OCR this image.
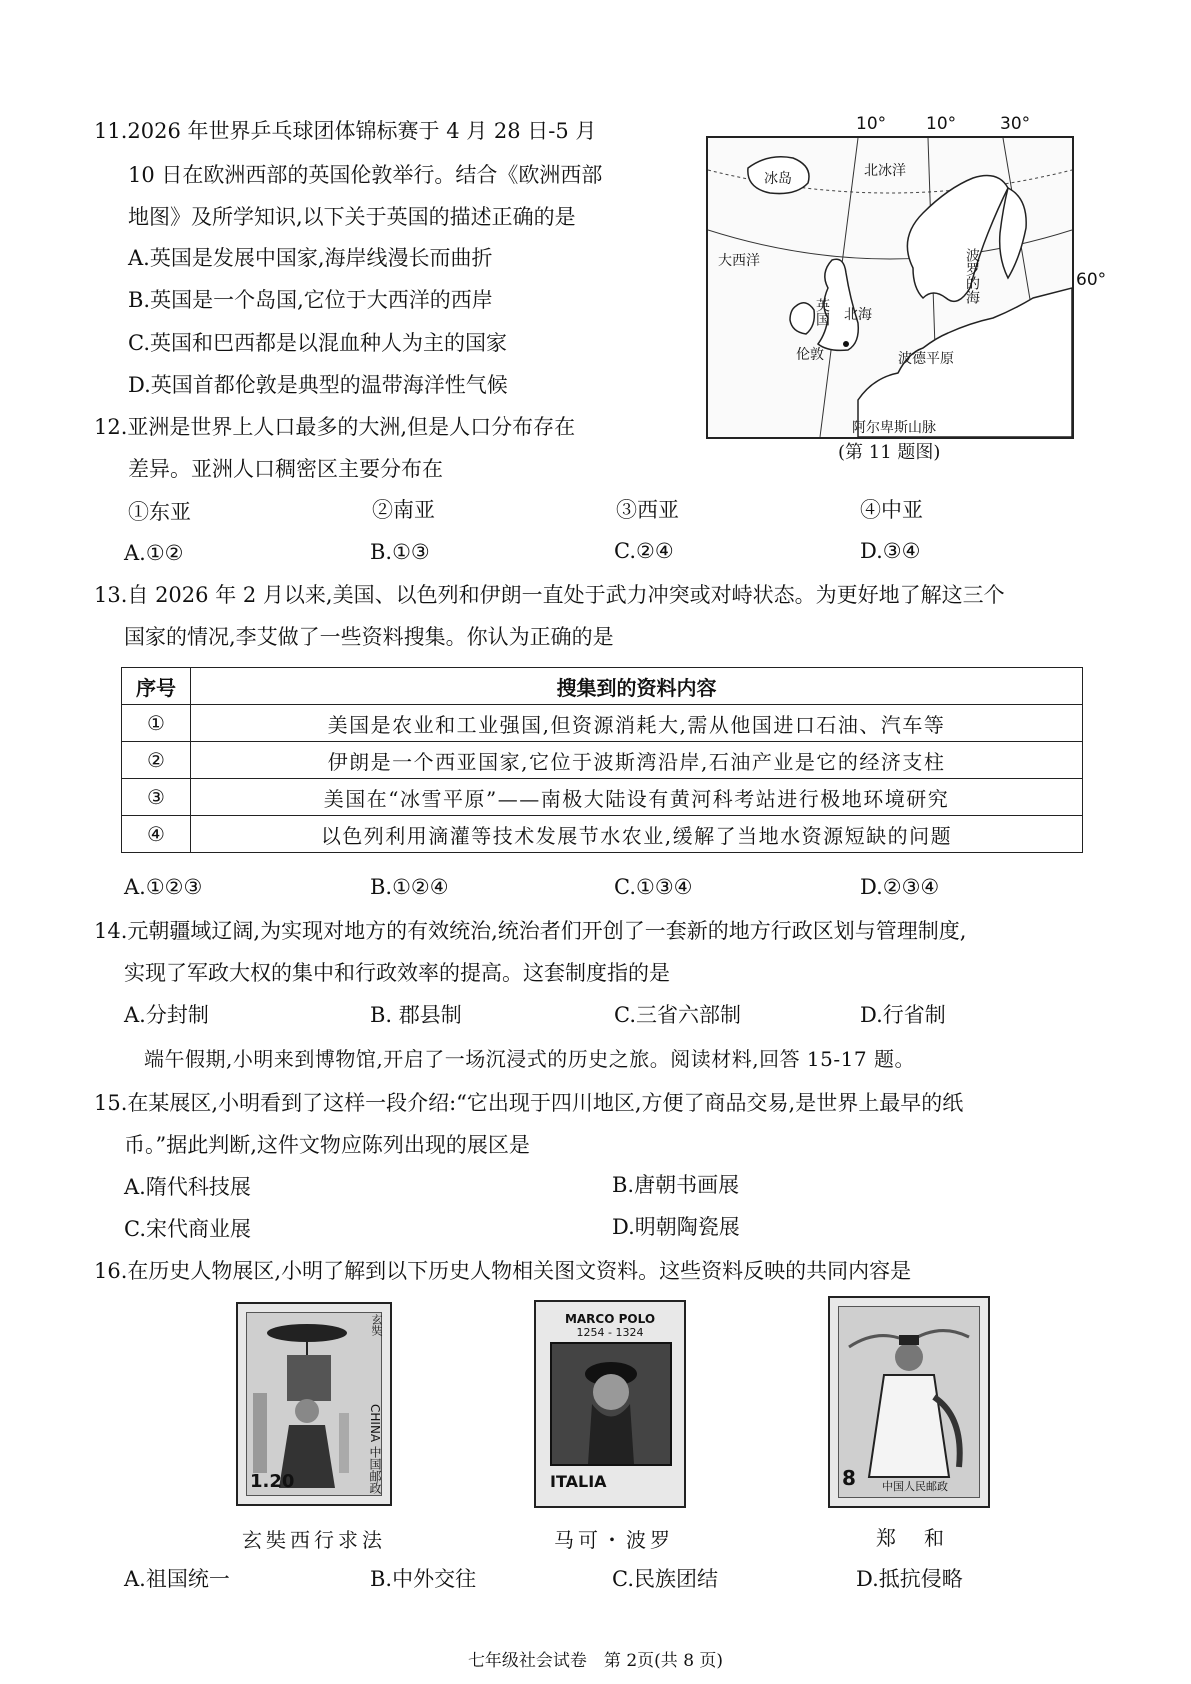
11.2026 年世界乒乓球团体锦标赛于 4 月 28 日-5 月
10 日在欧洲西部的英国伦敦举行。结合《欧洲西部
地图》及所学知识,以下关于英国的描述正确的是
A.英国是发展中国家,海岸线漫长而曲折
B.英国是一个岛国,它位于大西洋的西岸
C.英国和巴西都是以混血种人为主的国家
D.英国首都伦敦是典型的温带海洋性气候
10° 10°	30°
60°
冰岛	北冰洋
大西洋	波罗的海
英国
伦敦
北海
波德平原
阿尔卑斯山脉
(第 11 题图)
12.亚洲是世界上人口最多的大洲,但是人口分布存在
差异。亚洲人口稠密区主要分布在
①东亚	②南亚	③西亚	④中亚
A.①②	B.①③	C.②④	D.③④
13.自 2026 年 2 月以来,美国、以色列和伊朗一直处于武力冲突或对峙状态。为更好地了解这三个
国家的情况,李艾做了一些资料搜集。你认为正确的是
序号	搜集到的资料内容
①	美国是农业和工业强国,但资源消耗大,需从他国进口石油、汽车等
②	伊朗是一个西亚国家,它位于波斯湾沿岸,石油产业是它的经济支柱
③	美国在“冰雪平原”——南极大陆设有黄河科考站进行极地环境研究
④	以色列利用滴灌等技术发展节水农业,缓解了当地水资源短缺的问题
A.①②③	B.①②④	C.①③④	D.②③④
14.元朝疆域辽阔,为实现对地方的有效统治,统治者们开创了一套新的地方行政区划与管理制度,
实现了军政大权的集中和行政效率的提高。这套制度指的是
A.分封制	B. 郡县制	C.三省六部制	D.行省制
端午假期,小明来到博物馆,开启了一场沉浸式的历史之旅。阅读材料,回答 15-17 题。
15.在某展区,小明看到了这样一段介绍:“它出现于四川地区,方便了商品交易,是世界上最早的纸
币。”据此判断,这件文物应陈列出现的展区是
A.隋代科技展	B.唐朝书画展
C.宋代商业展	D.明朝陶瓷展
16.在历史人物展区,小明了解到以下历史人物相关图文资料。这些资料反映的共同内容是
玄奘
CHINA 中国邮政
1.20
玄奘西行求法
MARCO POLO
1254 - 1324
ITALIA
马可・波罗
8 中国人民邮政
郑　和
A.祖国统一	B.中外交往	C.民族团结	D.抵抗侵略
七年级社会试卷　第 2页(共 8 页)
